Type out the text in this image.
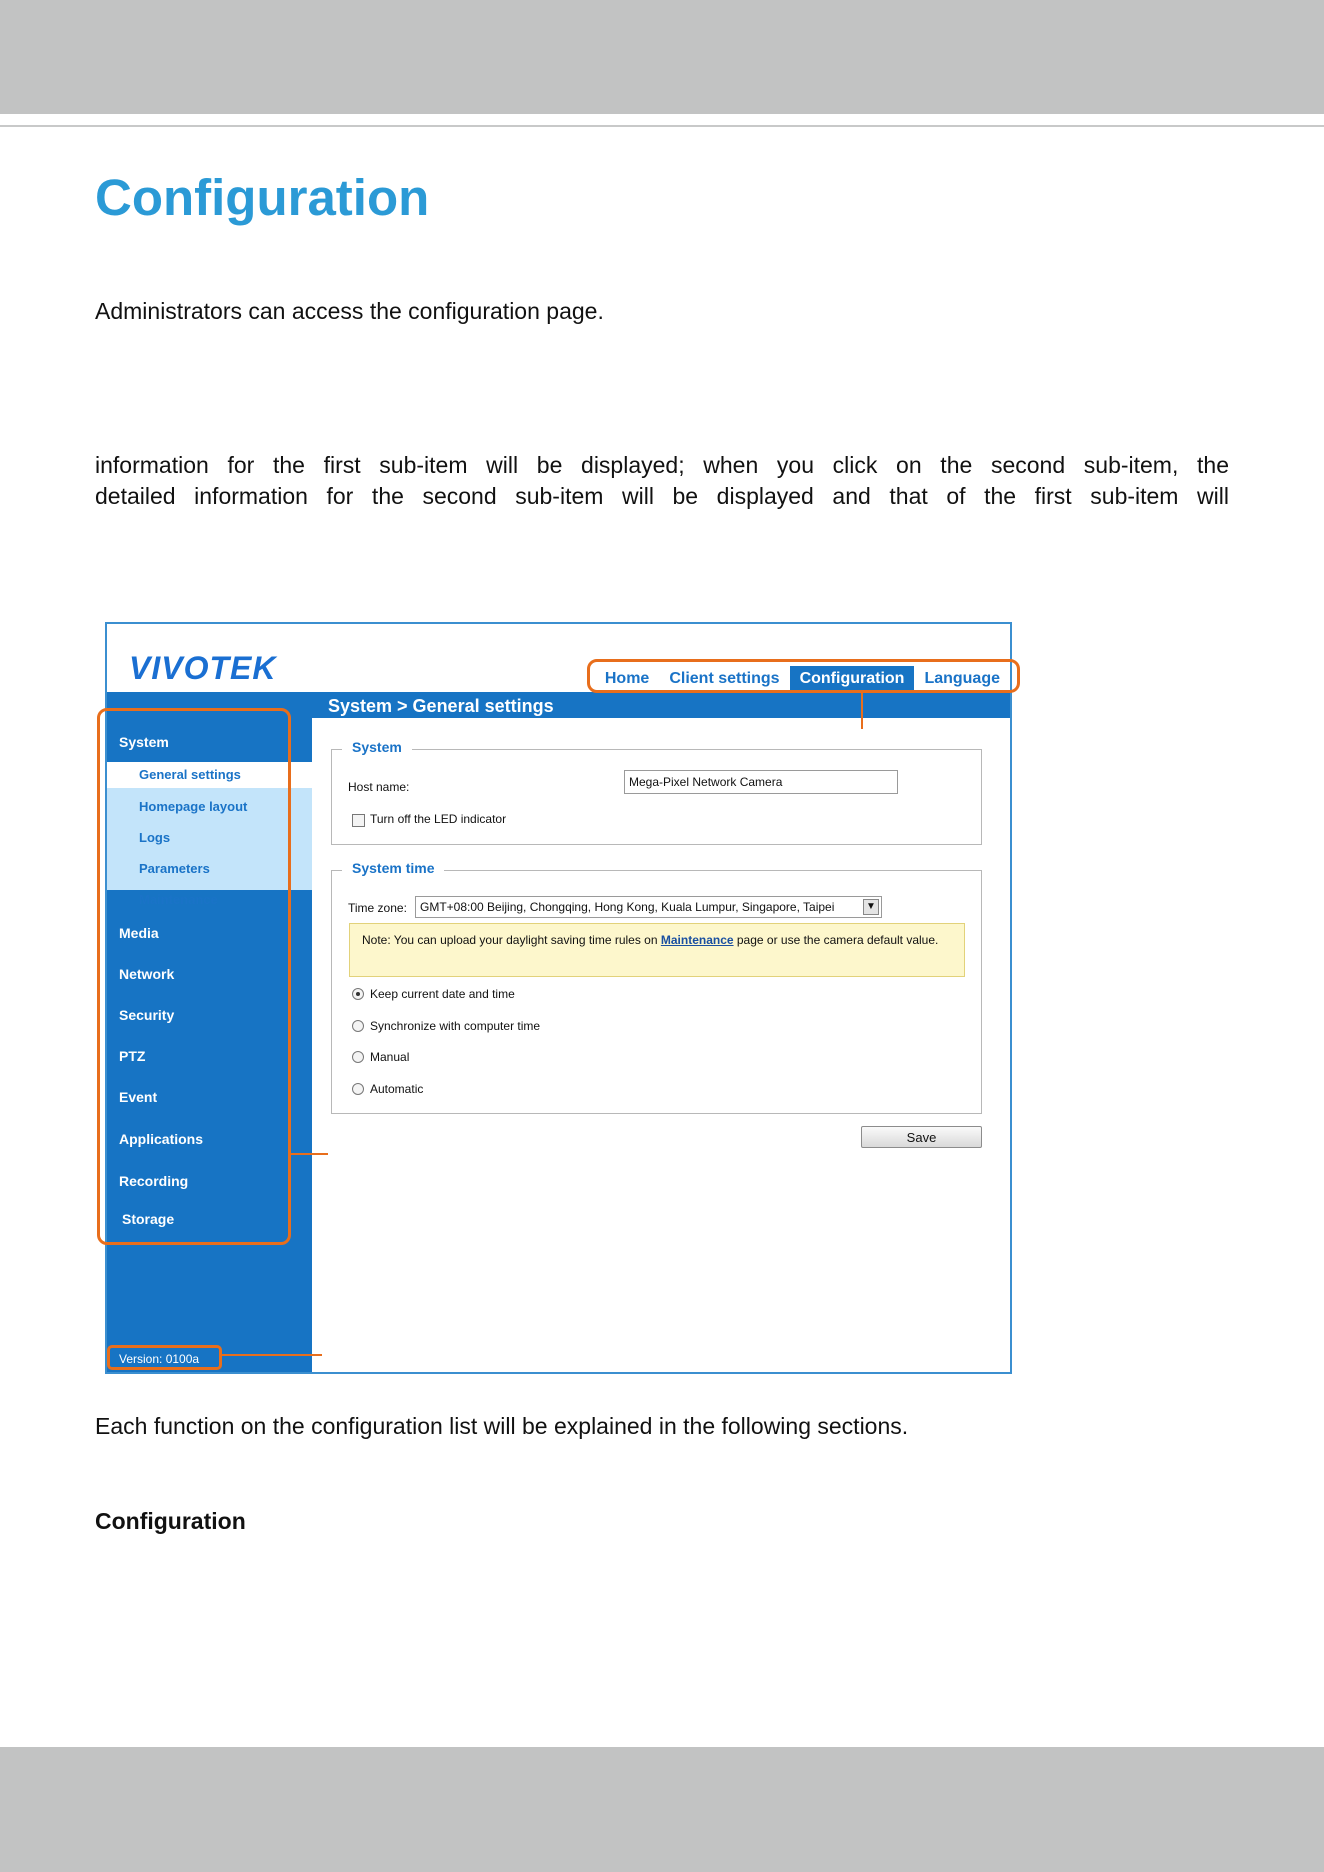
Configuration

Administrators can access the configuration page.

information for the first sub-item will be displayed; when you click on the second sub-item, the

detailed information for the second sub-item will be displayed and that of the first sub-item will

VIVOTEK	Home	Client settings	Configuration	Language
System > General settings
System
General settings
Homepage layout
Logs
Parameters
Maintenance
Media
Network
Security
PTZ
Event
Applications
Recording
Storage
Version: 0100a
System
Host name:
Mega-Pixel Network Camera
Turn off the LED indicator
System time
Time zone:	GMT+08:00 Beijing, Chongqing, Hong Kong, Kuala Lumpur, Singapore, Taipei	▼
Note: You can upload your daylight saving time rules on Maintenance page or use the camera default value.
Keep current date and time
Synchronize with computer time
Manual
Automatic
Save

Each function on the configuration list will be explained in the following sections.

Configuration
